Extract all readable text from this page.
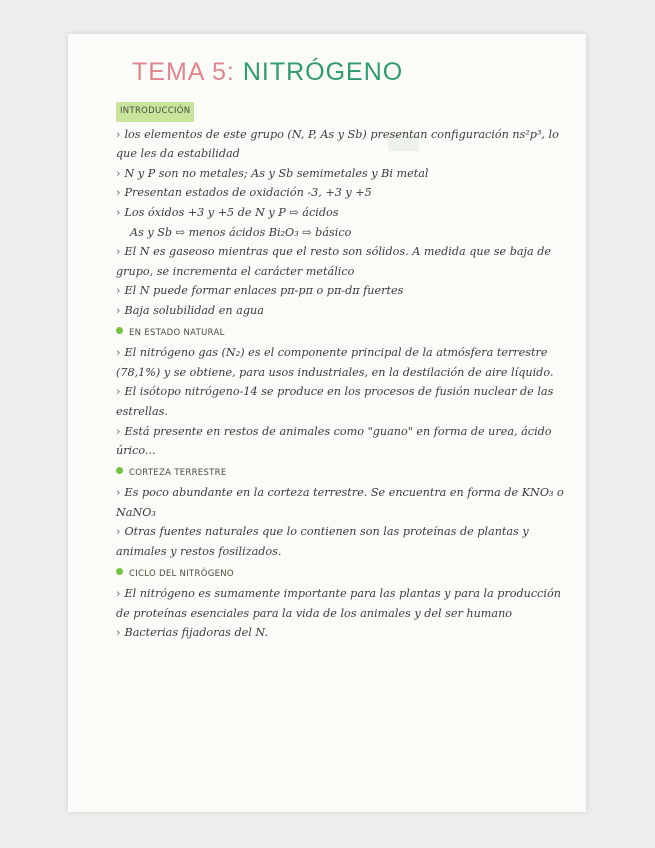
TEMA 5: NITRÓGENO
INTRODUCCIÓN
› los elementos de este grupo (N, P, As y Sb) presentan configuración ns²p³, lo que les da estabilidad
› N y P son no metales; As y Sb semimetales y Bi metal
› Presentan estados de oxidación -3, +3 y +5
› Los óxidos +3 y +5 de N y P ⇨ ácidos
As y Sb ⇨ menos ácidos Bi₂O₃ ⇨ básico
› El N es gaseoso mientras que el resto son sólidos. A medida que se baja de grupo, se incrementa el carácter metálico
› El N puede formar enlaces pπ-pπ o pπ-dπ fuertes
› Baja solubilidad en agua
EN ESTADO NATURAL
› El nitrógeno gas (N₂) es el componente principal de la atmósfera terrestre (78,1%) y se obtiene, para usos industriales, en la destilación de aire líquido.
› El isótopo nitrógeno-14 se produce en los procesos de fusión nuclear de las estrellas.
› Está presente en restos de animales como "guano" en forma de urea, ácido úrico...
CORTEZA TERRESTRE
› Es poco abundante en la corteza terrestre. Se encuentra en forma de KNO₃ o NaNO₃
› Otras fuentes naturales que lo contienen son las proteínas de plantas y animales y restos fosilizados.
CICLO DEL NITRÓGENO
› El nitrógeno es sumamente importante para las plantas y para la producción de proteínas esenciales para la vida de los animales y del ser humano
› Bacterias fijadoras del N.
